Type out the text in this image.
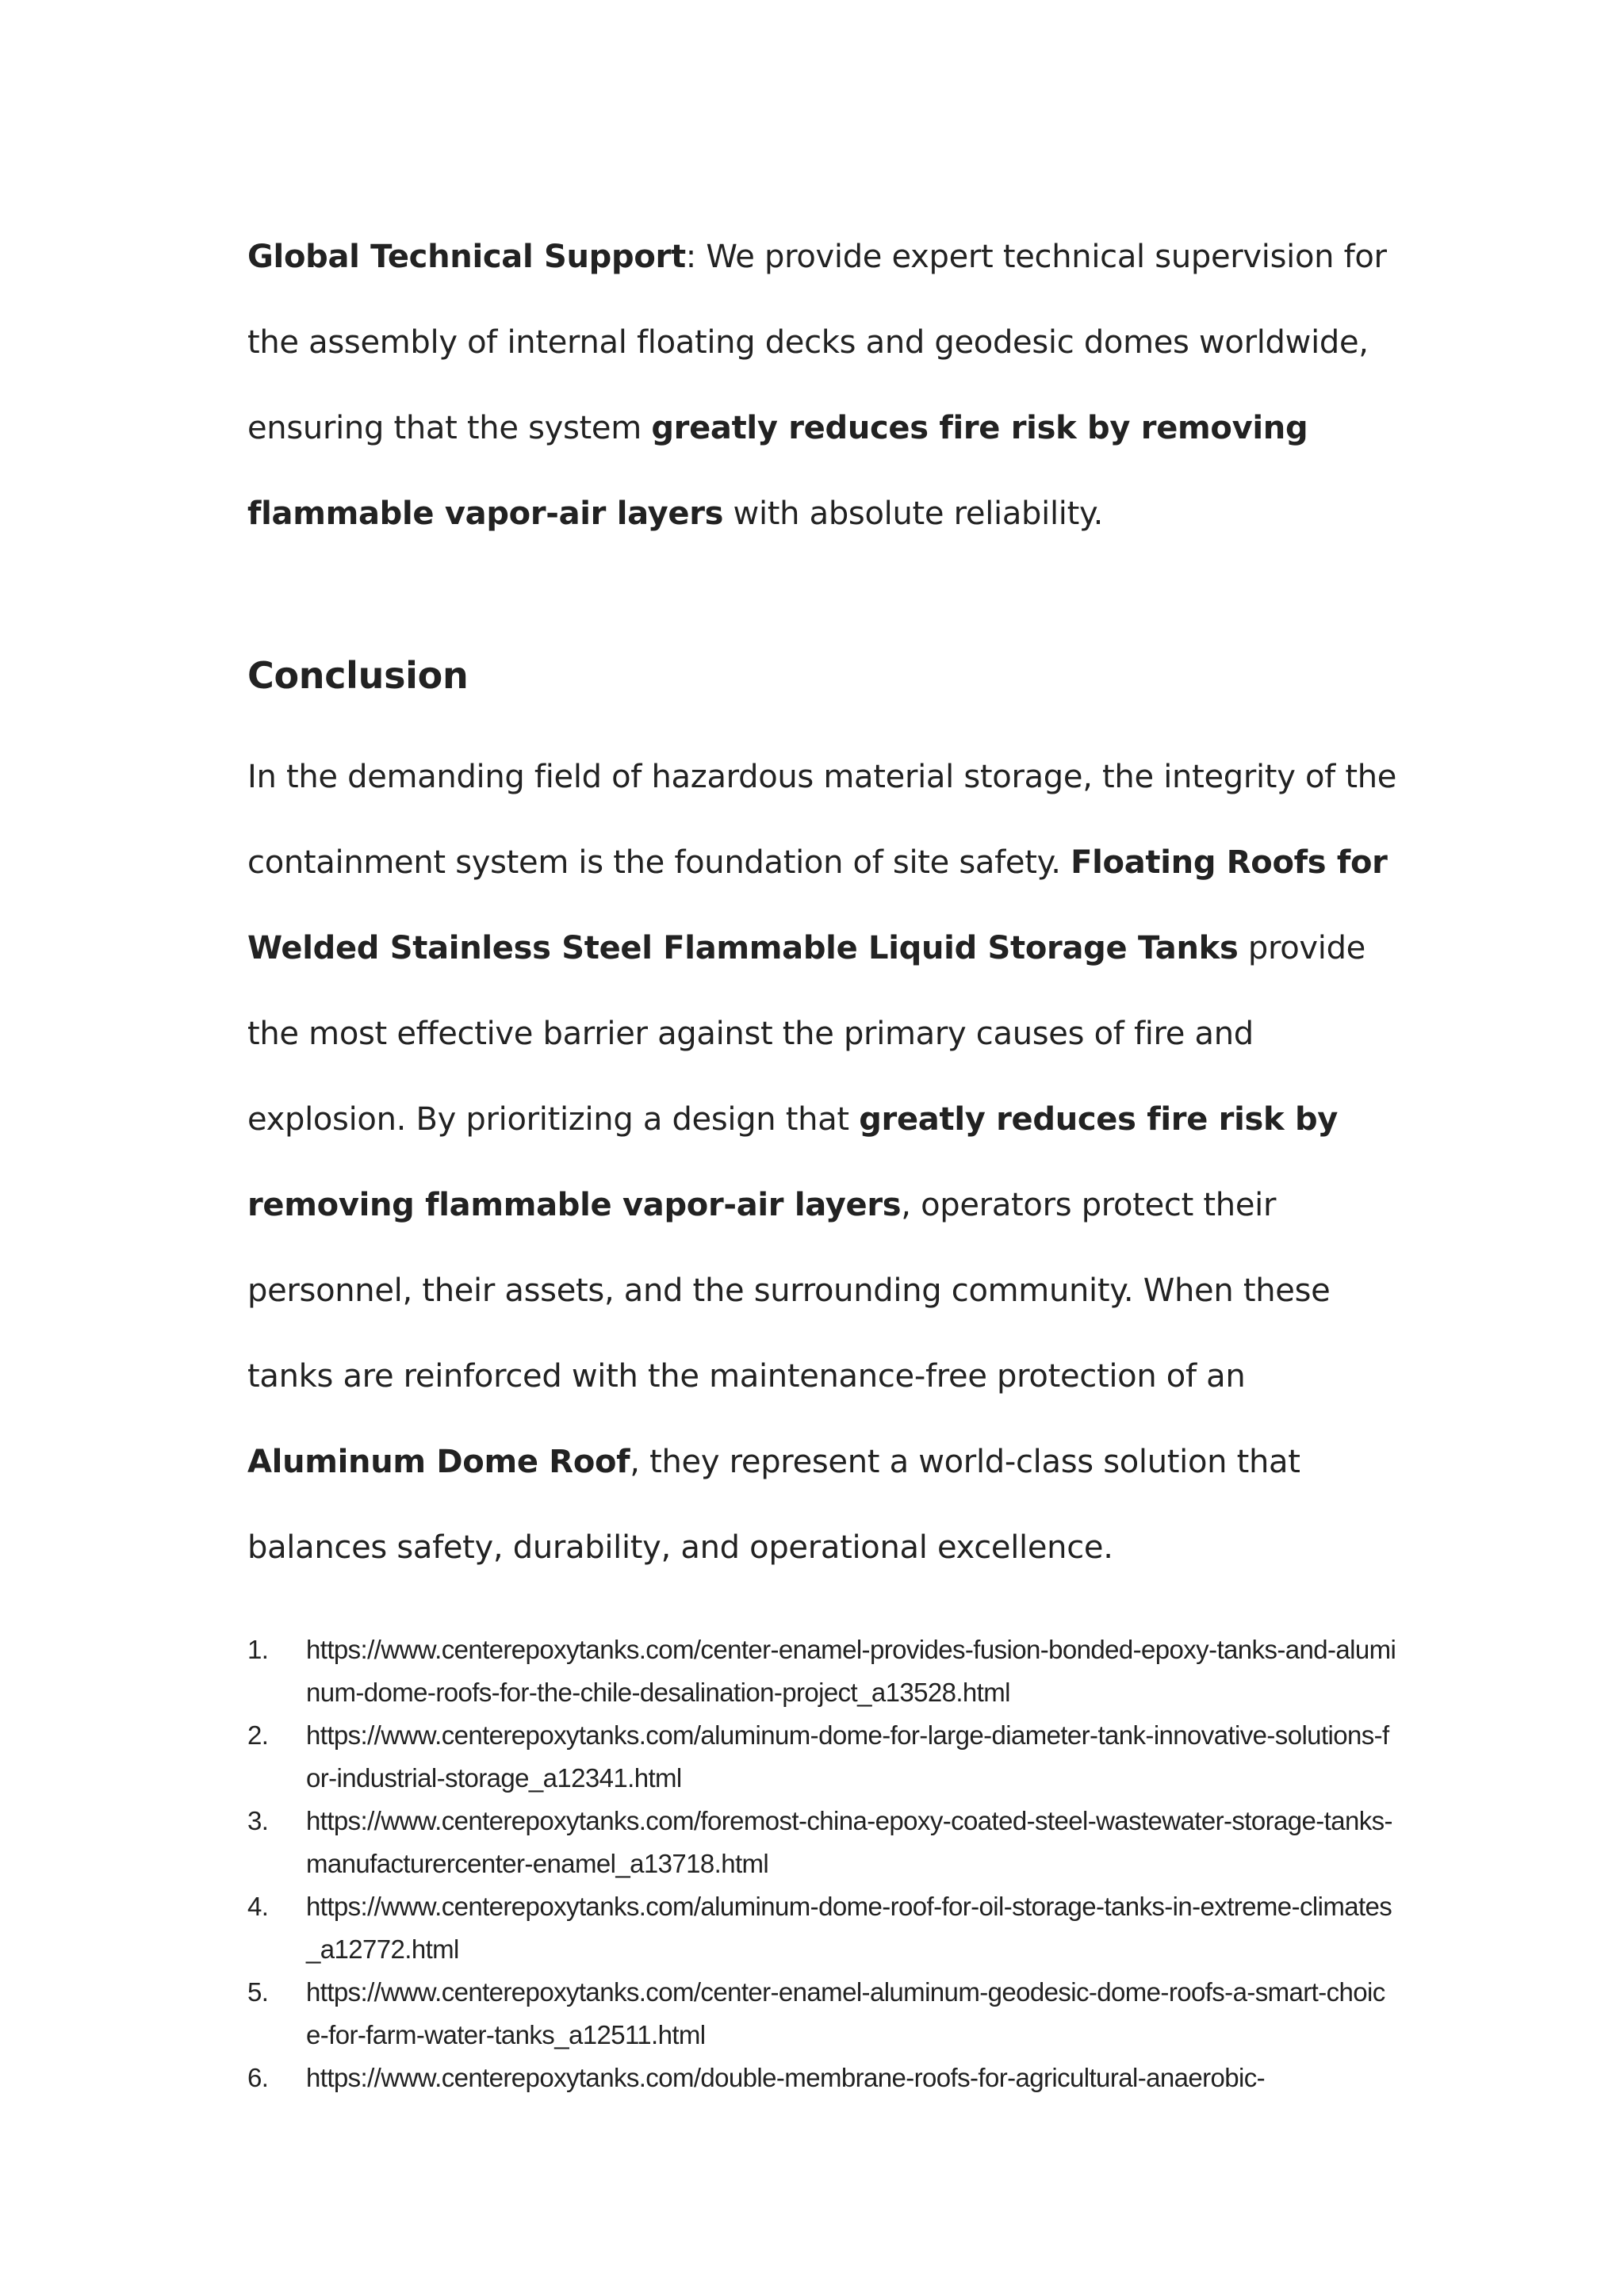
Global Technical Support: We provide expert technical supervision for the assembly of internal floating decks and geodesic domes worldwide, ensuring that the system greatly reduces fire risk by removing flammable vapor-air layers with absolute reliability.

Conclusion

In the demanding field of hazardous material storage, the integrity of the containment system is the foundation of site safety. Floating Roofs for Welded Stainless Steel Flammable Liquid Storage Tanks provide the most effective barrier against the primary causes of fire and explosion. By prioritizing a design that greatly reduces fire risk by removing flammable vapor-air layers, operators protect their personnel, their assets, and the surrounding community. When these tanks are reinforced with the maintenance-free protection of an Aluminum Dome Roof, they represent a world-class solution that balances safety, durability, and operational excellence.

1. https://www.centerepoxytanks.com/center-enamel-provides-fusion-bonded-epoxy-tanks-and-aluminum-dome-roofs-for-the-chile-desalination-project_a13528.html
2. https://www.centerepoxytanks.com/aluminum-dome-for-large-diameter-tank-innovative-solutions-for-industrial-storage_a12341.html
3. https://www.centerepoxytanks.com/foremost-china-epoxy-coated-steel-wastewater-storage-tanks-manufacturercenter-enamel_a13718.html
4. https://www.centerepoxytanks.com/aluminum-dome-roof-for-oil-storage-tanks-in-extreme-climates_a12772.html
5. https://www.centerepoxytanks.com/center-enamel-aluminum-geodesic-dome-roofs-a-smart-choice-for-farm-water-tanks_a12511.html
6. https://www.centerepoxytanks.com/double-membrane-roofs-for-agricultural-anaerobic-
